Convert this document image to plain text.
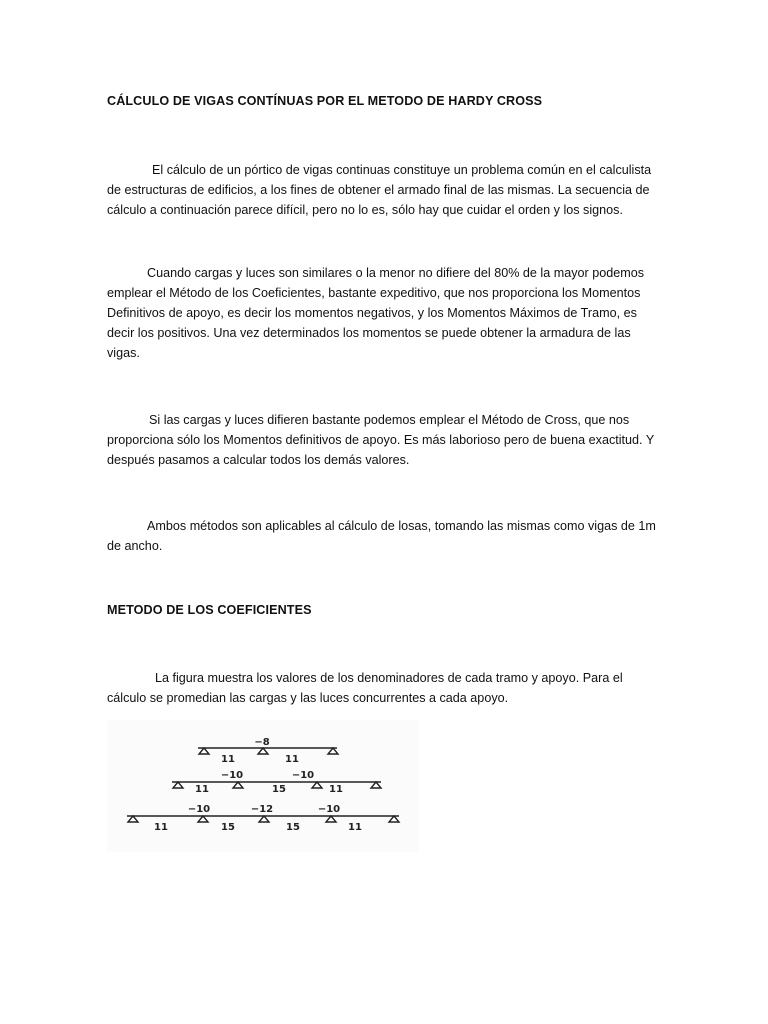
CÁLCULO DE VIGAS CONTÍNUAS POR EL METODO DE HARDY CROSS

El cálculo de un pórtico de vigas continuas constituye un problema común en el calculista
de estructuras de edificios, a los fines de obtener el armado final de las mismas. La secuencia de
cálculo a continuación parece difícil, pero no lo es, sólo hay que cuidar el orden y los signos.

Cuando cargas y luces son similares o la menor no difiere del 80% de la mayor podemos
emplear el Método de los Coeficientes, bastante expeditivo, que nos proporciona los Momentos
Definitivos de apoyo, es decir los momentos negativos, y los Momentos Máximos de Tramo, es
decir los positivos. Una vez determinados los momentos se puede obtener la armadura de las
vigas.

Si las cargas y luces difieren bastante podemos emplear el Método de Cross, que nos
proporciona sólo los Momentos definitivos de apoyo. Es más laborioso pero de buena exactitud. Y
después pasamos a calcular todos los demás valores.

Ambos métodos son aplicables al cálculo de losas, tomando las mismas como vigas de 1m
de ancho.

METODO DE LOS COEFICIENTES

La figura muestra los valores de los denominadores de cada tramo y apoyo. Para el
cálculo se promedian las cargas y las luces concurrentes a cada apoyo.

−8
11	11
−10	−10
11	15	11
−10	−12	−10
11	15	15	11
